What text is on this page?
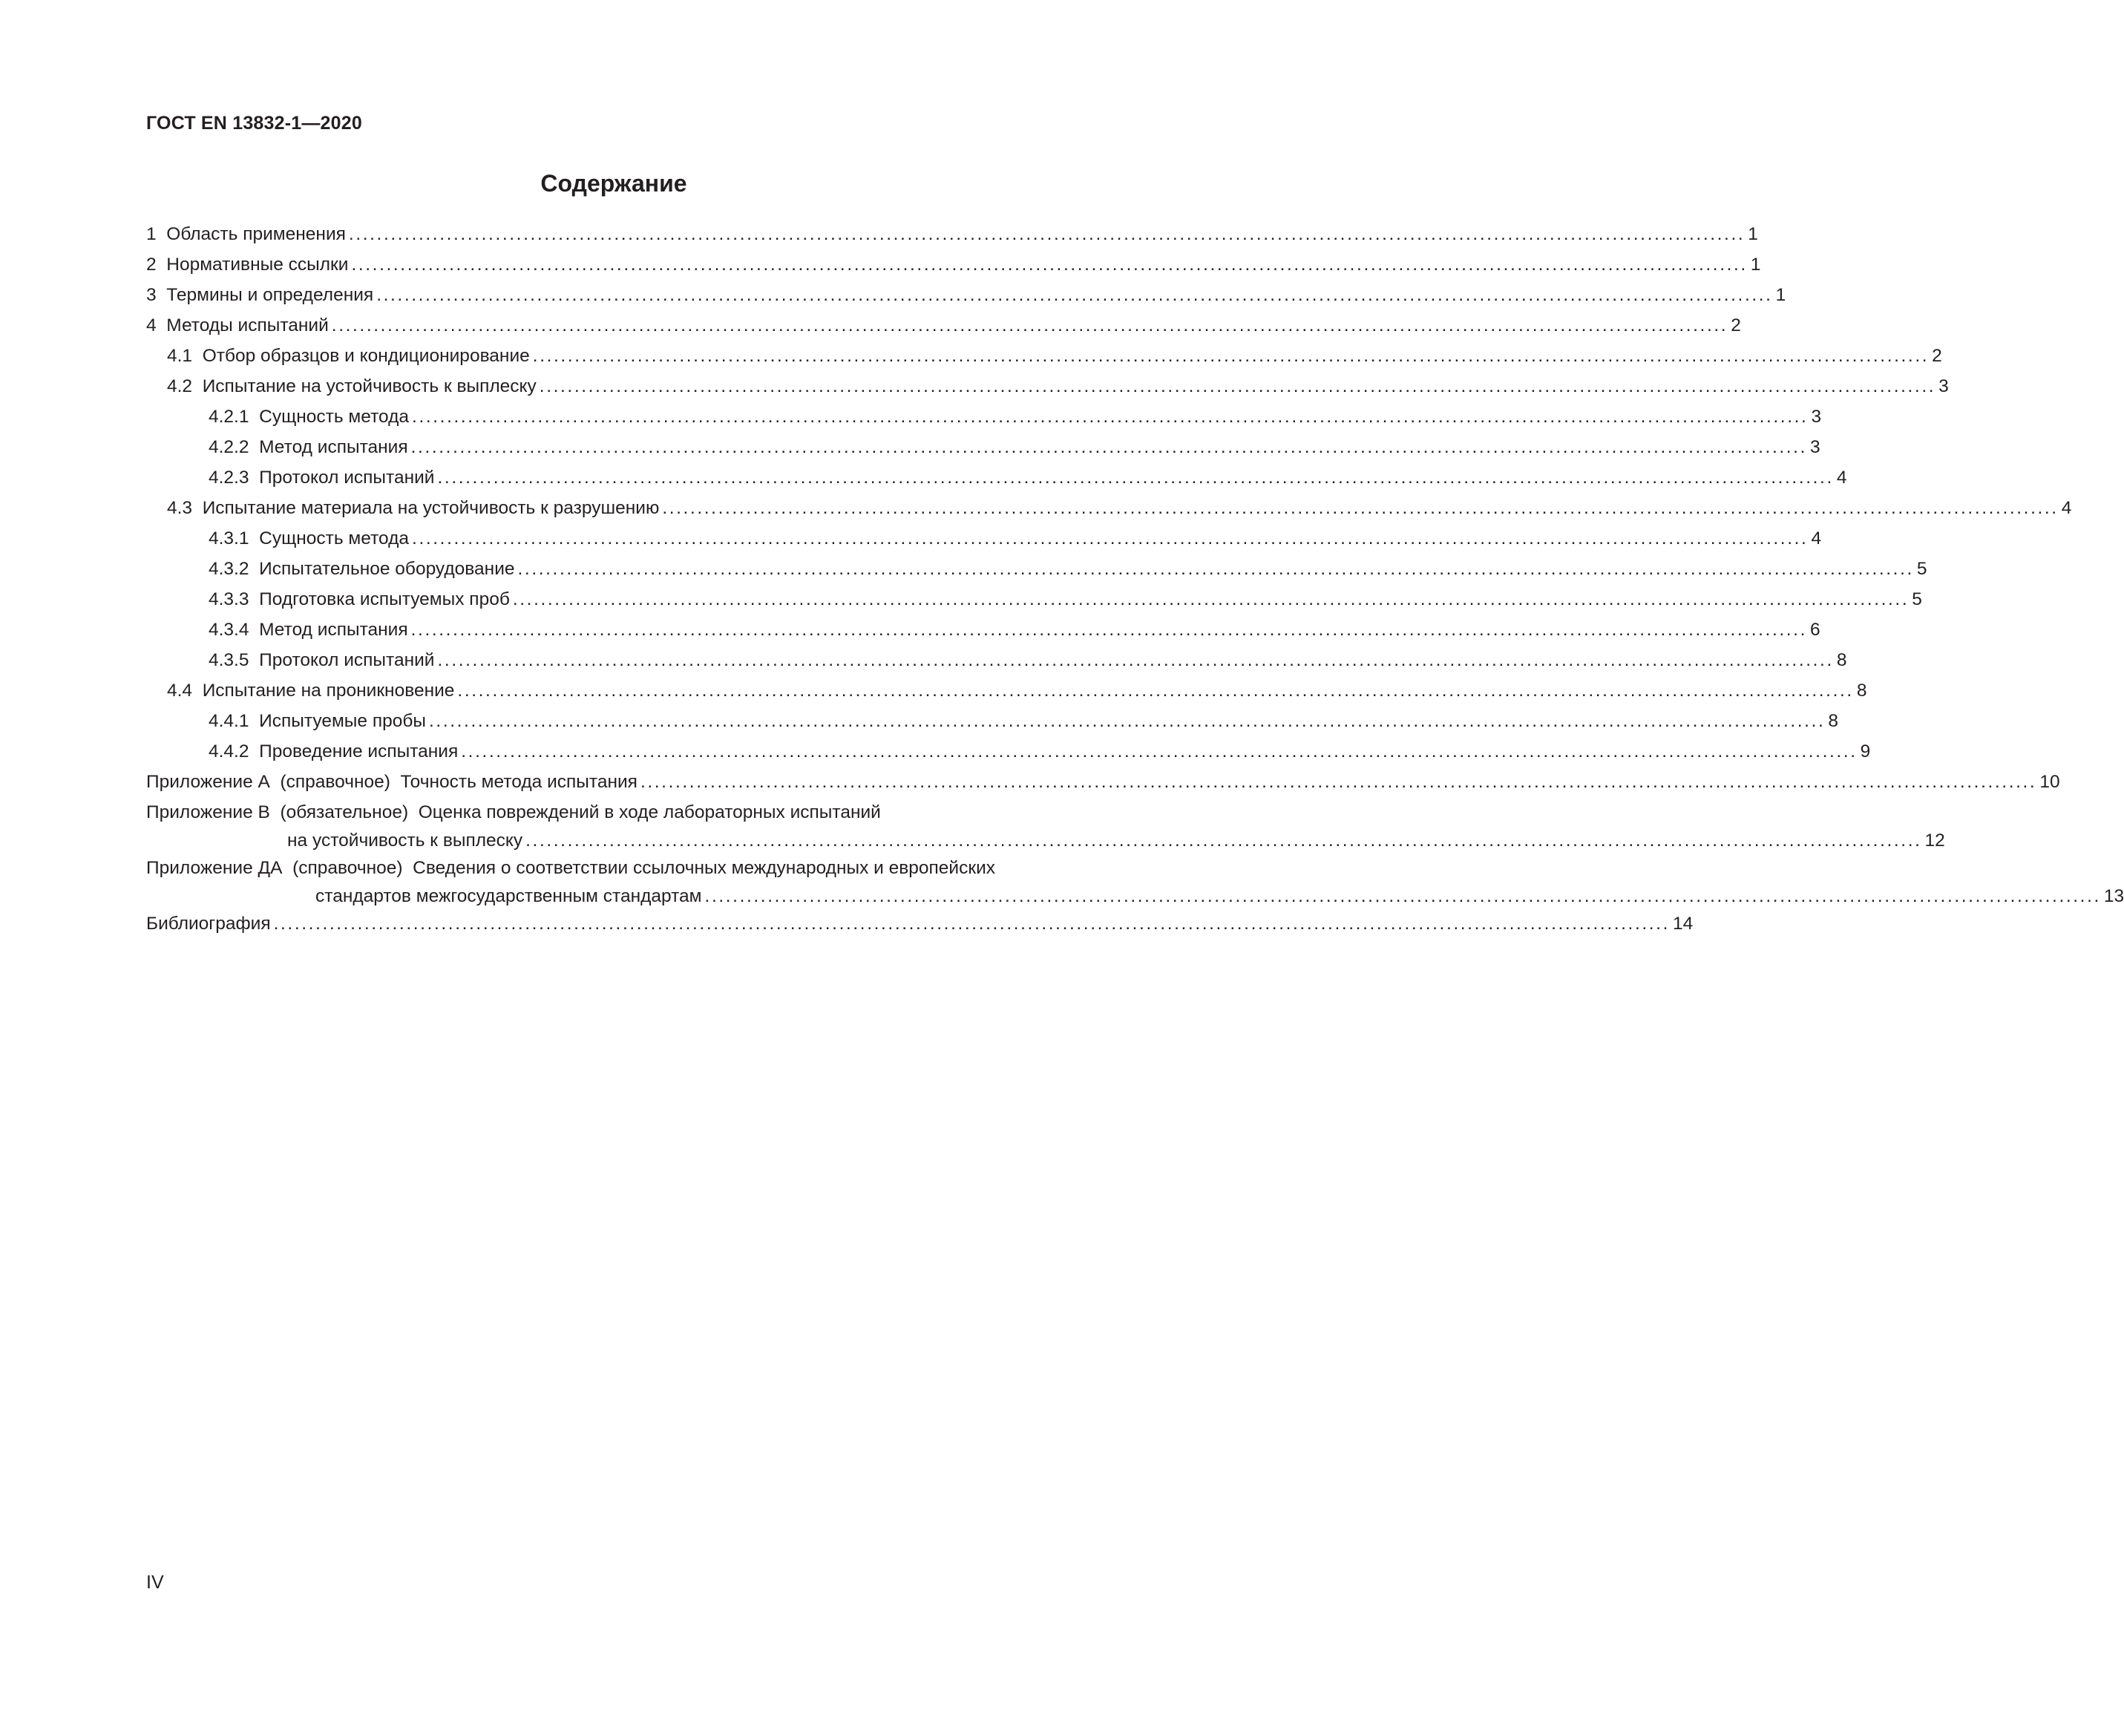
ГОСТ EN 13832-1—2020
Содержание
1
Область применения ........................................................................................................................................................................................................ 1
2
Нормативные ссылки ........................................................................................................................................................................................................ 1
3
Термины и определения ........................................................................................................................................................................................................ 1
4
Методы испытаний ........................................................................................................................................................................................................ 2
4.1
Отбор образцов и кондиционирование ........................................................................................................................................................................................................ 2
4.2
Испытание на устойчивость к выплеску ........................................................................................................................................................................................................ 3
4.2.1
Сущность метода ........................................................................................................................................................................................................ 3
4.2.2
Метод испытания ........................................................................................................................................................................................................ 3
4.2.3
Протокол испытаний ........................................................................................................................................................................................................ 4
4.3
Испытание материала на устойчивость к разрушению ........................................................................................................................................................................................................ 4
4.3.1
Сущность метода ........................................................................................................................................................................................................ 4
4.3.2
Испытательное оборудование ........................................................................................................................................................................................................ 5
4.3.3
Подготовка испытуемых проб ........................................................................................................................................................................................................ 5
4.3.4
Метод испытания ........................................................................................................................................................................................................ 6
4.3.5
Протокол испытаний ........................................................................................................................................................................................................ 8
4.4
Испытание на проникновение ........................................................................................................................................................................................................ 8
4.4.1
Испытуемые пробы ........................................................................................................................................................................................................ 8
4.4.2
Проведение испытания ........................................................................................................................................................................................................ 9
Приложение А
(справочное)  Точность метода испытания ........................................................................................................................................................................................................ 10
Приложение В
(обязательное)  Оценка повреждений в ходе лабораторных испытаний
на устойчивость к выплеску ........................................................................................................................................................................................................ 12
Приложение ДА
(справочное)  Сведения о соответствии ссылочных международных и европейских
стандартов межгосударственным стандартам ........................................................................................................................................................................................................ 13
Библиография ........................................................................................................................................................................................................ 14
IV
